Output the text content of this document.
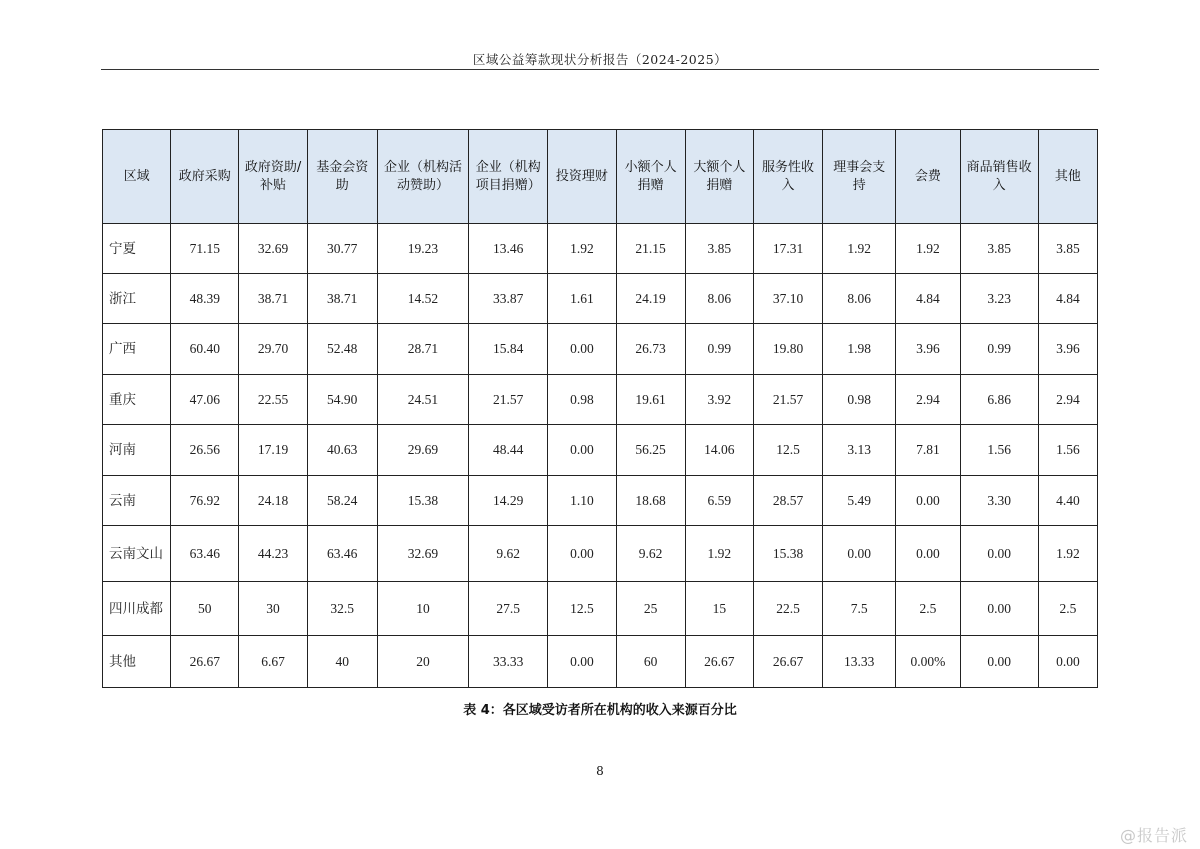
区域公益筹款现状分析报告（2024-2025）
区域	政府采购	政府资助/补贴	基金会资助	企业（机构活动赞助）	企业（机构项目捐赠）	投资理财	小额个人捐赠	大额个人捐赠	服务性收入	理事会支持	会费	商品销售收入	其他
宁夏	71.15	32.69	30.77	19.23	13.46	1.92	21.15	3.85	17.31	1.92	1.92	3.85	3.85
浙江	48.39	38.71	38.71	14.52	33.87	1.61	24.19	8.06	37.10	8.06	4.84	3.23	4.84
广西	60.40	29.70	52.48	28.71	15.84	0.00	26.73	0.99	19.80	1.98	3.96	0.99	3.96
重庆	47.06	22.55	54.90	24.51	21.57	0.98	19.61	3.92	21.57	0.98	2.94	6.86	2.94
河南	26.56	17.19	40.63	29.69	48.44	0.00	56.25	14.06	12.5	3.13	7.81	1.56	1.56
云南	76.92	24.18	58.24	15.38	14.29	1.10	18.68	6.59	28.57	5.49	0.00	3.30	4.40
云南文山	63.46	44.23	63.46	32.69	9.62	0.00	9.62	1.92	15.38	0.00	0.00	0.00	1.92
四川成都	50	30	32.5	10	27.5	12.5	25	15	22.5	7.5	2.5	0.00	2.5
其他	26.67	6.67	40	20	33.33	0.00	60	26.67	26.67	13.33	0.00%	0.00	0.00
表 4：各区域受访者所在机构的收入来源百分比
8
@报告派
